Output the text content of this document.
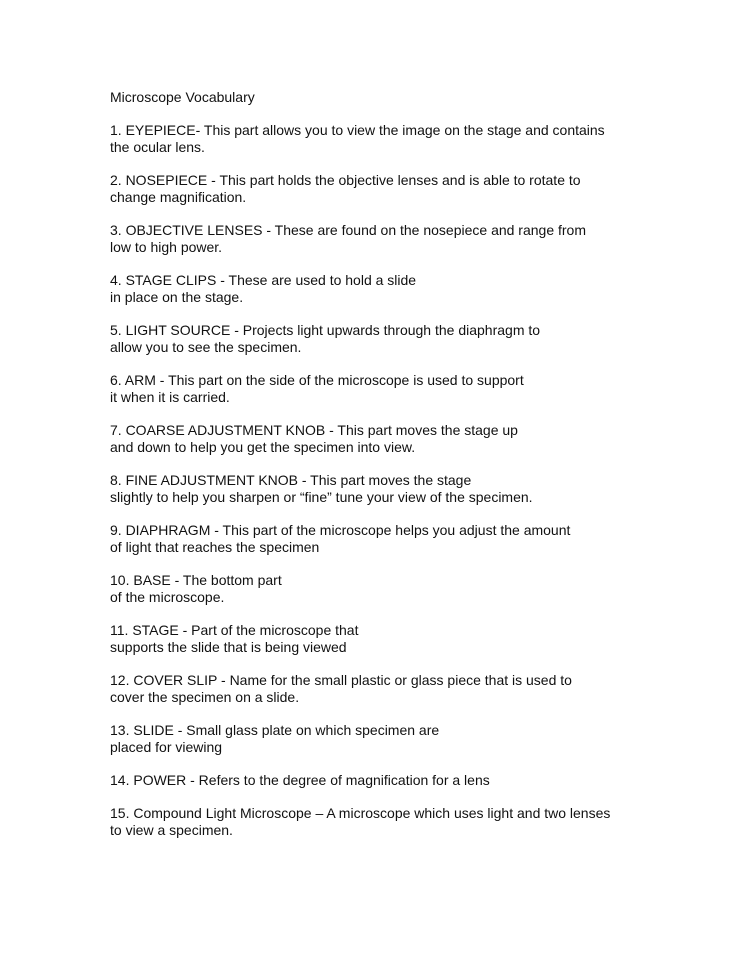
Microscope Vocabulary
1. EYEPIECE- This part allows you to view the image on the stage and contains
the ocular lens.
2. NOSEPIECE - This part holds the objective lenses and is able to rotate to
change magnification.
3. OBJECTIVE LENSES - These are found on the nosepiece and range from
low to high power.
4. STAGE CLIPS - These are used to hold a slide
in place on the stage.
5. LIGHT SOURCE - Projects light upwards through the diaphragm to
allow you to see the specimen.
6. ARM - This part on the side of the microscope is used to support
it when it is carried.
7. COARSE ADJUSTMENT KNOB - This part moves the stage up
and down to help you get the specimen into view.
8. FINE ADJUSTMENT KNOB - This part moves the stage
slightly to help you sharpen or “fine” tune your view of the specimen.
9. DIAPHRAGM - This part of the microscope helps you adjust the amount
of light that reaches the specimen
10. BASE - The bottom part
of the microscope.
11. STAGE - Part of the microscope that
supports the slide that is being viewed
12. COVER SLIP - Name for the small plastic or glass piece that is used to
cover the specimen on a slide.
13. SLIDE - Small glass plate on which specimen are
placed for viewing
14. POWER - Refers to the degree of magnification for a lens
15. Compound Light Microscope – A microscope which uses light and two lenses
to view a specimen.
